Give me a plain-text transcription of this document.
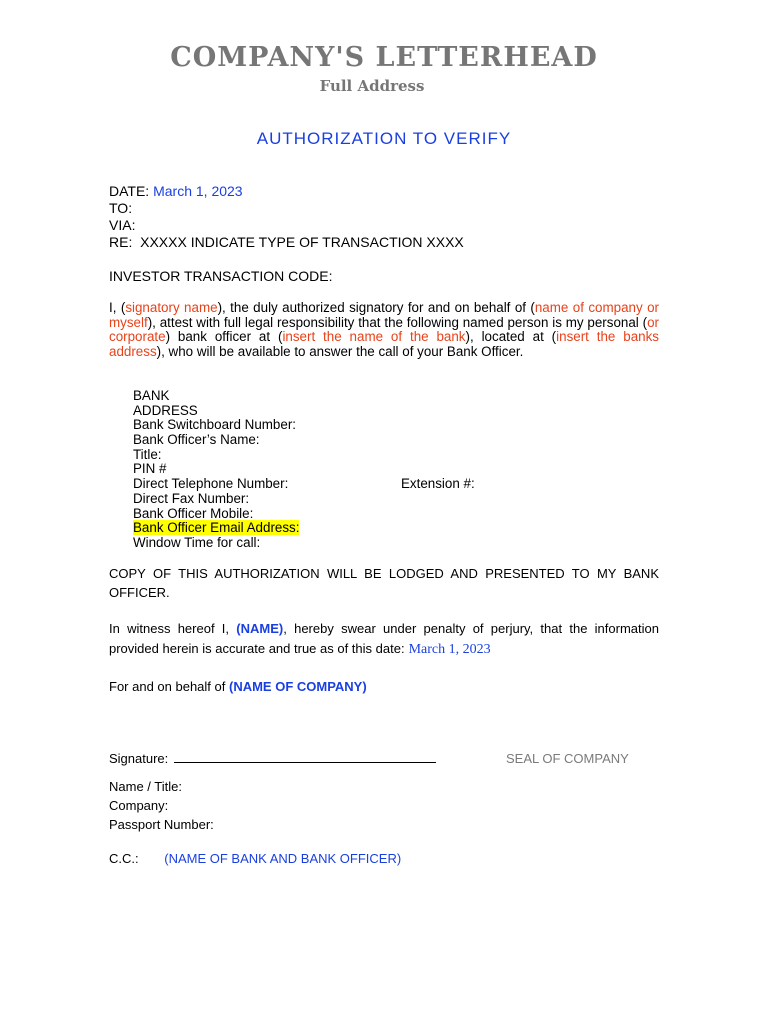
COMPANY'S LETTERHEAD
Full Address
AUTHORIZATION TO VERIFY
DATE: March 1, 2023
TO:
VIA:
RE: XXXXX INDICATE TYPE OF TRANSACTION XXXX
INVESTOR TRANSACTION CODE:
I, (signatory name), the duly authorized signatory for and on behalf of (name of company or myself), attest with full legal responsibility that the following named person is my personal (or corporate) bank officer at (insert the name of the bank), located at (insert the banks address), who will be available to answer the call of your Bank Officer.
BANK
ADDRESS
Bank Switchboard Number:
Bank Officer’s Name:
Title:
PIN #
Direct Telephone Number:	Extension #:
Direct Fax Number:
Bank Officer Mobile:
Bank Officer Email Address:
Window Time for call:
COPY OF THIS AUTHORIZATION WILL BE LODGED AND PRESENTED TO MY BANK OFFICER.
In witness hereof I, (NAME), hereby swear under penalty of perjury, that the information provided herein is accurate and true as of this date: March 1, 2023
For and on behalf of (NAME OF COMPANY)
Signature:	SEAL OF COMPANY
Name / Title:
Company:
Passport Number:
C.C.: (NAME OF BANK AND BANK OFFICER)
